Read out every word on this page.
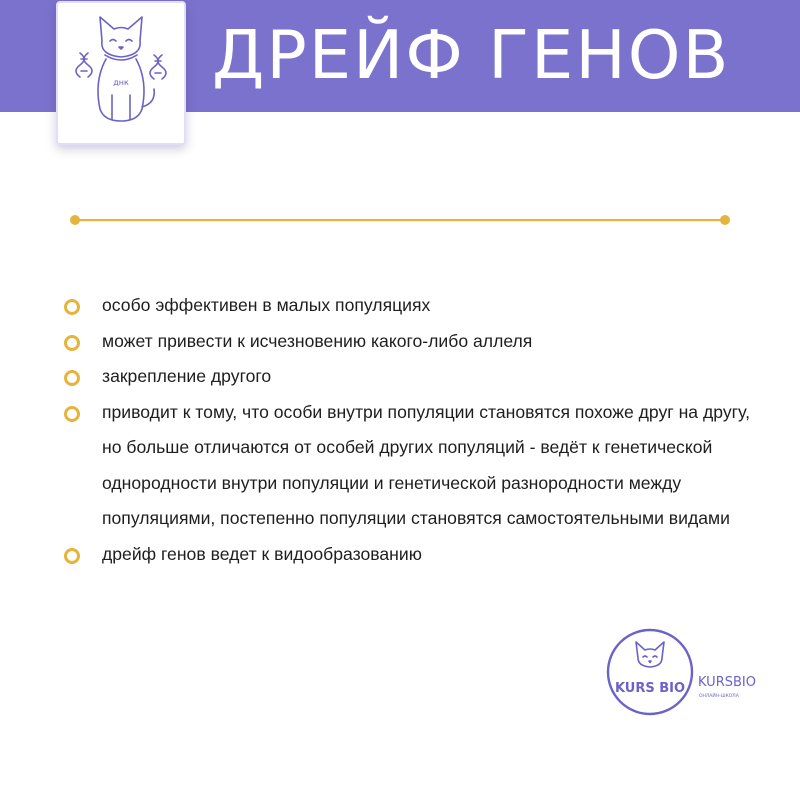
ДРЕЙФ ГЕНОВ
днк
особо эффективен в малых популяциях
может привести к исчезновению какого-либо аллеля
закрепление другого
приводит к тому, что особи внутри популяции становятся похоже друг на другу, но больше отличаются от особей других популяций - ведёт к генетической однородности внутри популяции и генетической разнородности между популяциями, постепенно популяции становятся самостоятельными видами
дрейф генов ведет к видообразованию
KURS BIO KURSBIO
ОНЛАЙН-ШКОЛА
